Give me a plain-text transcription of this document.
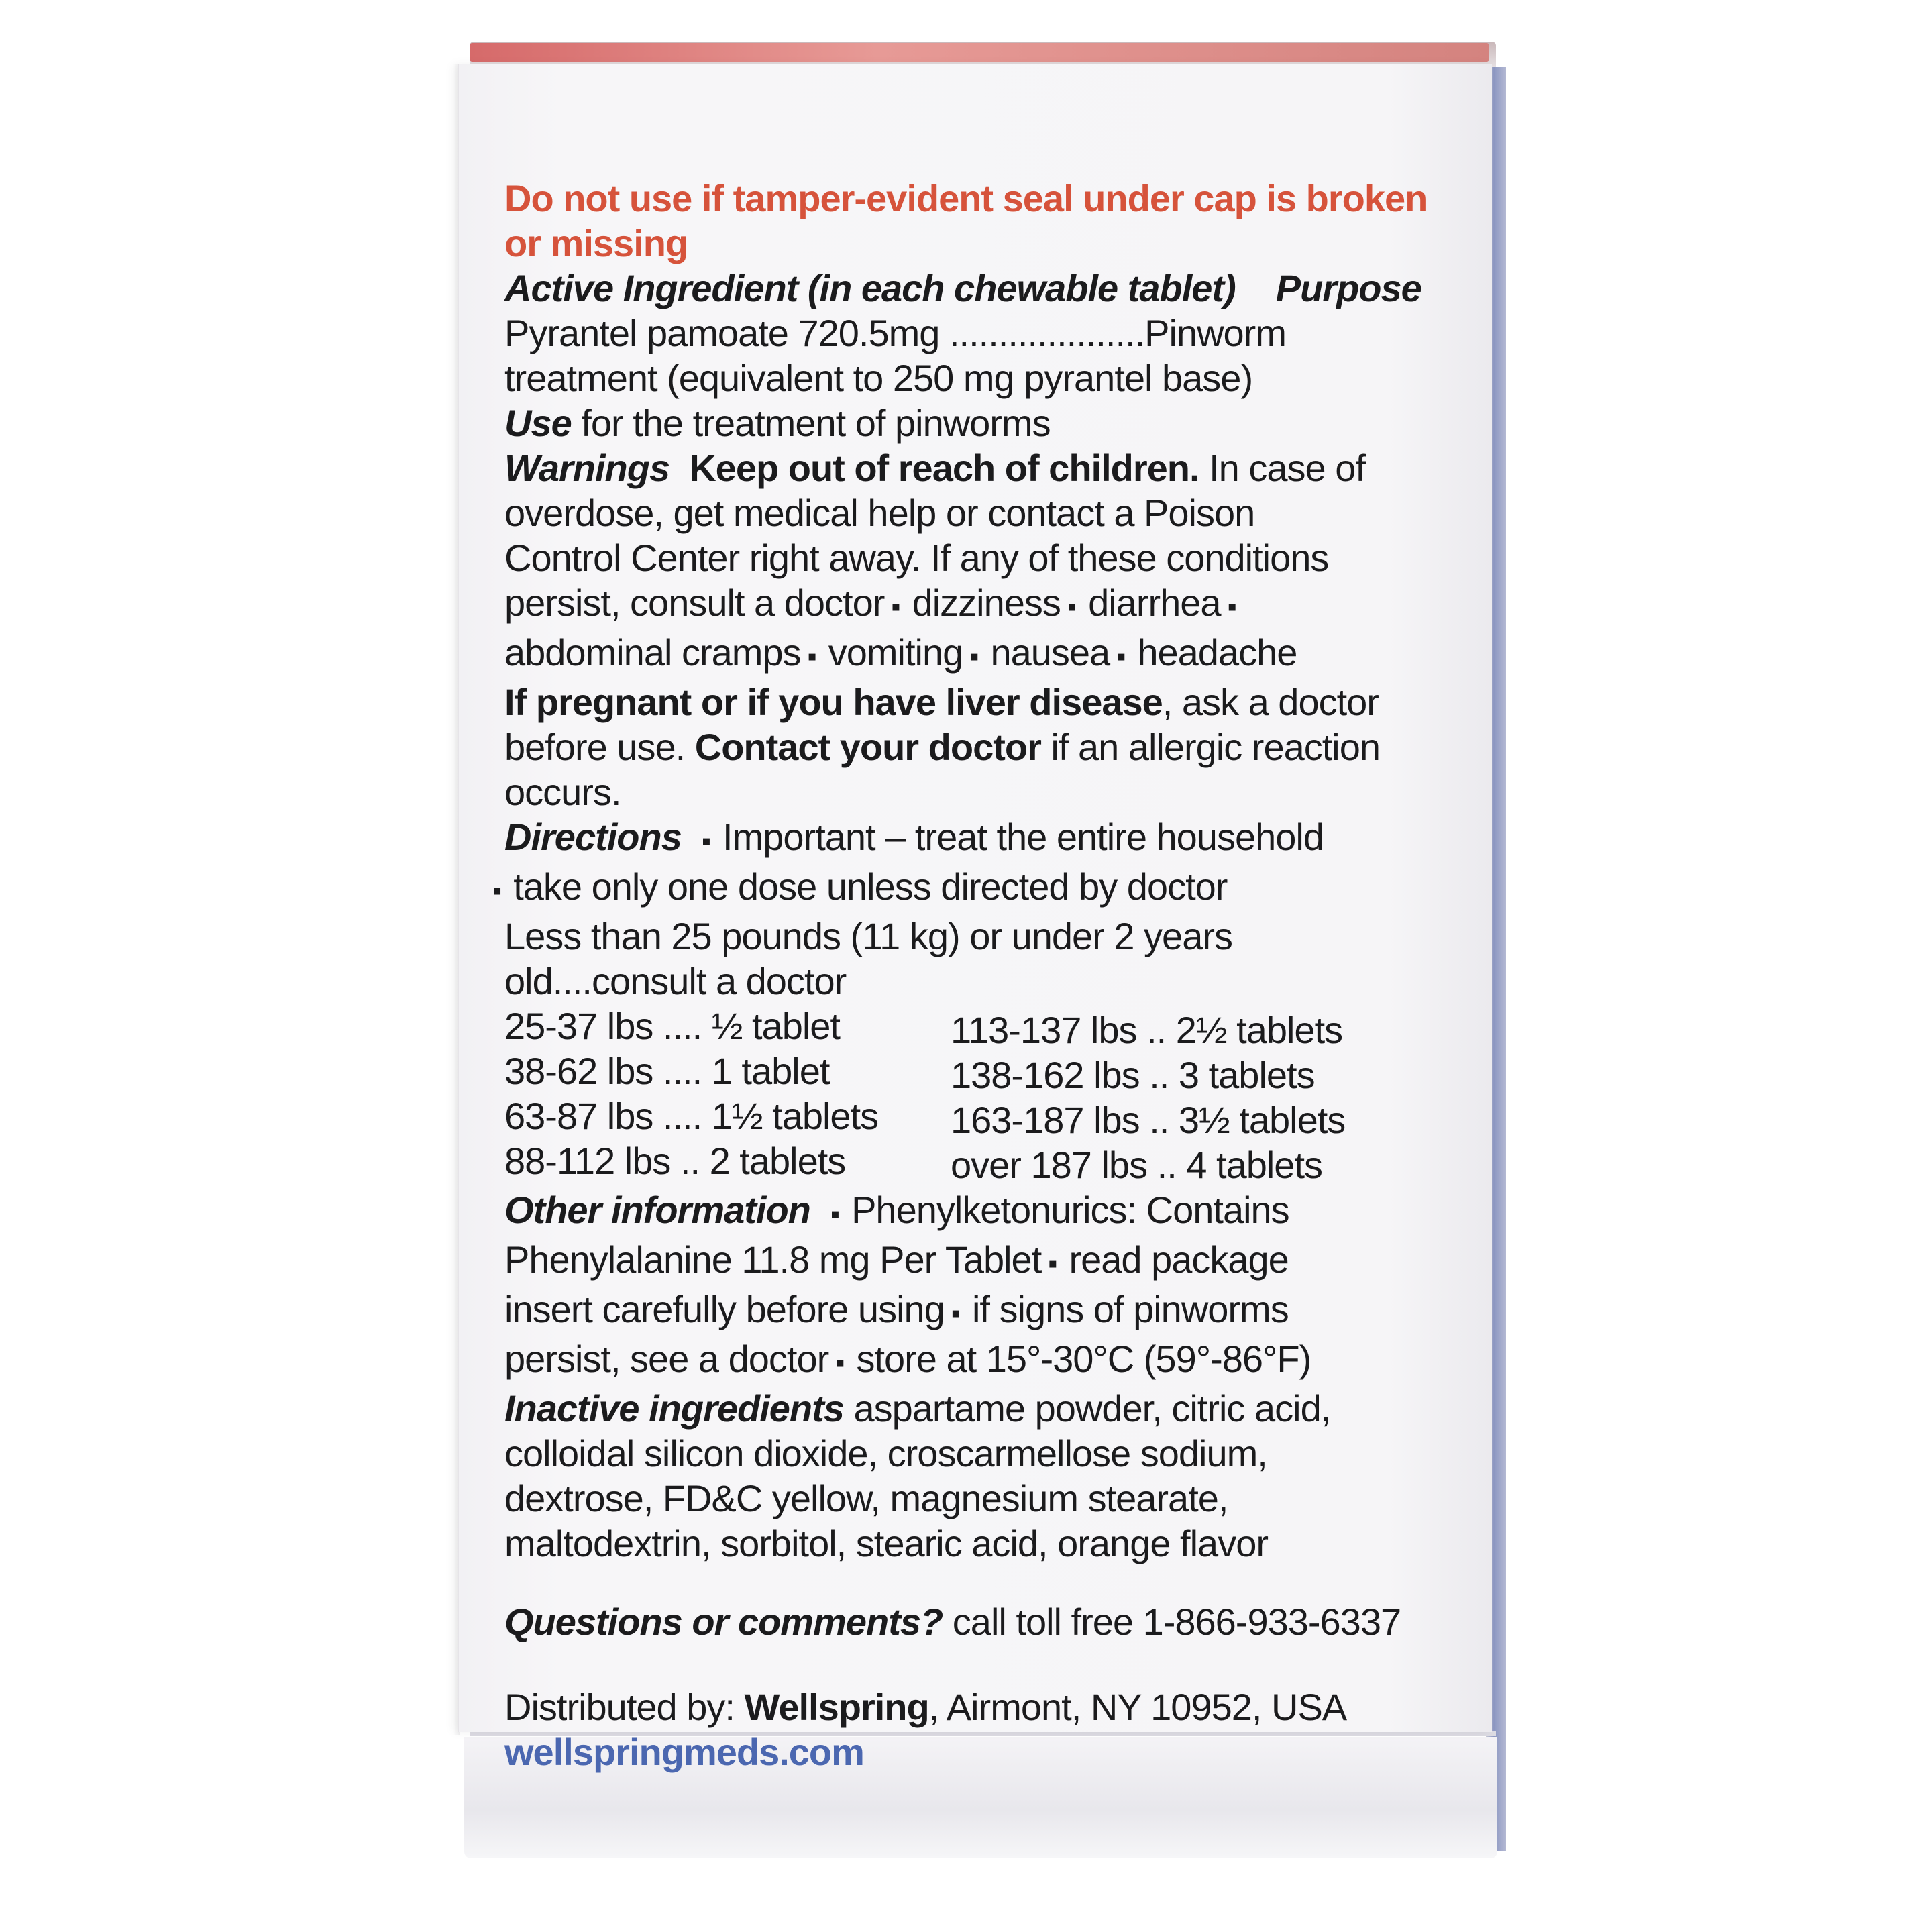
Do not use if tamper-evident seal under cap is broken
or missing
Active Ingredient (in each chewable tablet) Purpose
Pyrantel pamoate 720.5mg ....................Pinworm
treatment (equivalent to 250 mg pyrantel base)
Use for the treatment of pinworms
Warnings Keep out of reach of children. In case of
overdose, get medical help or contact a Poison
Control Center right away. If any of these conditions
persist, consult a doctor ▪ dizziness ▪ diarrhea▪
abdominal cramps ▪ vomiting ▪ nausea ▪ headache
If pregnant or if you have liver disease, ask a doctor
before use. Contact your doctor if an allergic reaction
occurs.
Directions ▪ Important – treat the entire household
▪ take only one dose unless directed by doctor
Less than 25 pounds (11 kg) or under 2 years
old....consult a doctor
25-37 lbs .... ½ tablet
38-62 lbs .... 1 tablet
63-87 lbs .... 1½ tablets
88-112 lbs .. 2 tablets
113-137 lbs .. 2½ tablets
138-162 lbs .. 3 tablets
163-187 lbs .. 3½ tablets
over 187 lbs .. 4 tablets
Other information ▪ Phenylketonurics: Contains
Phenylalanine 11.8 mg Per Tablet ▪ read package
insert carefully before using ▪ if signs of pinworms
persist, see a doctor ▪ store at 15°-30°C (59°-86°F)
Inactive ingredients aspartame powder, citric acid,
colloidal silicon dioxide, croscarmellose sodium,
dextrose, FD&C yellow, magnesium stearate,
maltodextrin, sorbitol, stearic acid, orange flavor
Questions or comments? call toll free 1-866-933-6337
Distributed by: Wellspring, Airmont, NY 10952, USA
wellspringmeds.com
